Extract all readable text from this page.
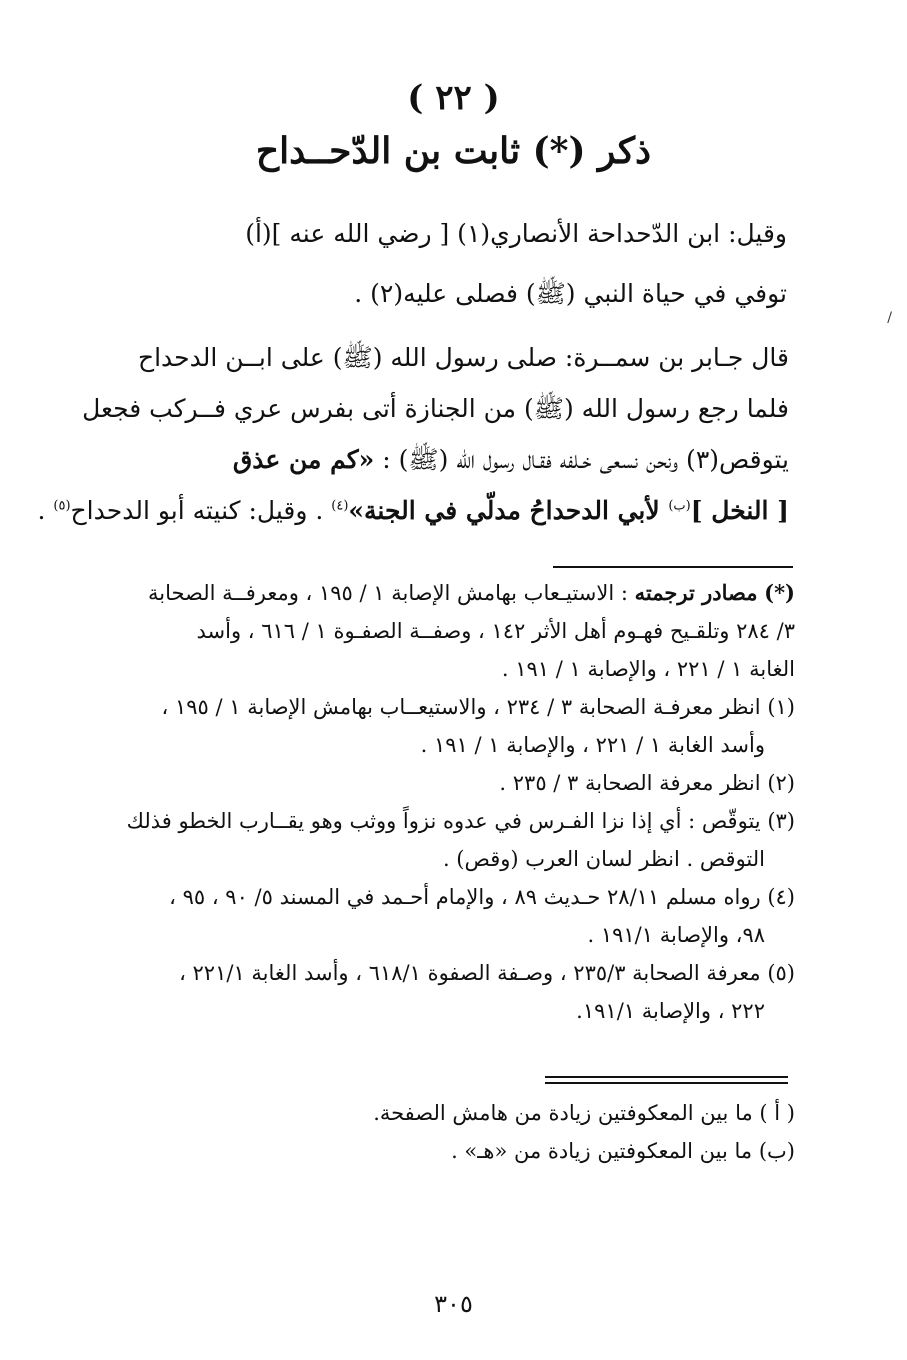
( ٢٢ )
ذكر (*) ثابت بن الدّحــداح
وقيل: ابن الدّحداحة الأنصاري(١) [ رضي الله عنه ](أ)
توفي في حياة النبي (ﷺ) فصلى عليه(٢) .
قال جـابر بن سمــرة: صلى رسول الله (ﷺ) على ابــن الدحداح
فلما رجع رسول الله (ﷺ) من الجنازة أتى بفرس عري فــركب فجعل
يتوقص(٣) ونحن نسعى خـلفه فقـال رسول الله (ﷺ) : «كم من عذق
[ النخل ]$^{(ب)}$ لأبي الدحداحُ مدلّي في الجنة»$^{(٤)}$ . وقيل: كنيته أبو الدحداح$^{(٥)}$ .
(*) مصادر ترجمته : الاستيـعاب بهامش الإصابة ١ / ١٩٥ ، ومعرفــة الصحابة
٣/ ٢٨٤ وتلقـيح فهـوم أهل الأثر ١٤٢ ، وصفــة الصفـوة ١ / ٦١٦ ، وأسد
الغابة ١ / ٢٢١ ، والإصابة ١ / ١٩١ .
(١) انظر معرفـة الصحابة ٣ / ٢٣٤ ، والاستيعــاب بهامش الإصابة ١ / ١٩٥ ،
وأسد الغابة ١ / ٢٢١ ، والإصابة ١ / ١٩١ .
(٢) انظر معرفة الصحابة ٣ / ٢٣٥ .
(٣) يتوقّص : أي إذا نزا الفـرس في عدوه نزواً ووثب وهو يقــارب الخطو فذلك
التوقص . انظر لسان العرب (وقص) .
(٤) رواه مسلم ٢٨/١١ حـديث ٨٩ ، والإمام أحـمد في المسند ٥/ ٩٠ ، ٩٥ ،
٩٨، والإصابة ١٩١/١ .
(٥) معرفة الصحابة ٢٣٥/٣ ، وصـفة الصفوة ٦١٨/١ ، وأسد الغابة ٢٢١/١ ،
٢٢٢ ، والإصابة ١٩١/١.
( أ ) ما بين المعكوفتين زيادة من هامش الصفحة.
(ب) ما بين المعكوفتين زيادة من «هـ» .
٣٠٥
/
